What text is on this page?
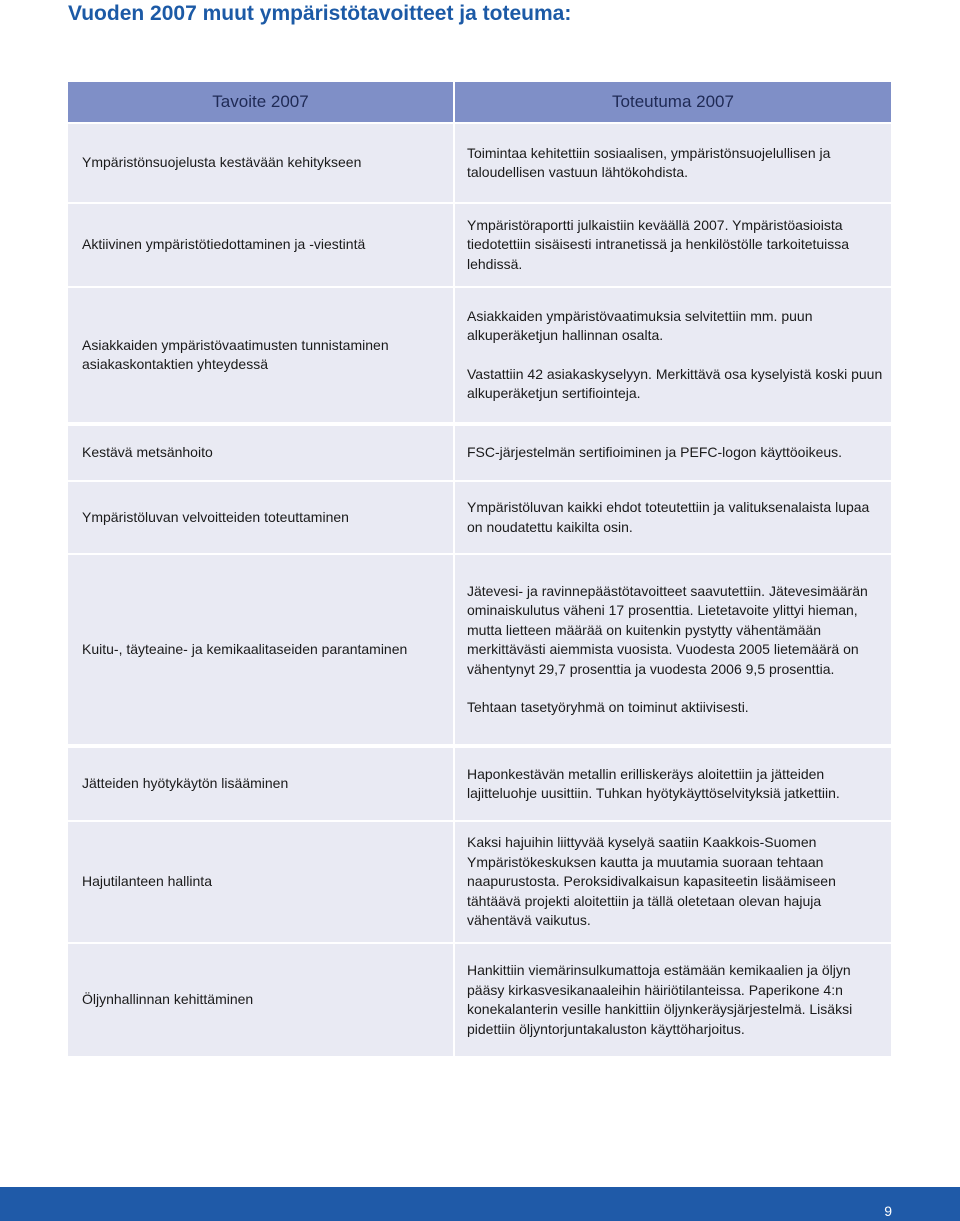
Vuoden 2007 muut ympäristötavoitteet ja toteuma:
Tavoite 2007	Toteutuma 2007
Ympäristönsuojelusta kestävään kehitykseen

Toimintaa kehitettiin sosiaalisen, ympäristönsuojelullisen ja taloudellisen vastuun lähtökohdista.

Aktiivinen ympäristötiedottaminen ja -viestintä

Ympäristöraportti julkaistiin keväällä 2007. Ympäristöasioista tiedotettiin sisäisesti intranetissä ja henkilöstölle tarkoitetuissa lehdissä.

Asiakkaiden ympäristövaatimusten tunnistaminen asiakaskontaktien yhteydessä

Asiakkaiden ympäristövaatimuksia selvitettiin mm. puun alkuperäketjun hallinnan osalta.

Vastattiin 42 asiakaskyselyyn. Merkittävä osa kyselyistä koski puun alkuperäketjun sertifiointeja.

Kestävä metsänhoito	FSC-järjestelmän sertifioiminen ja PEFC-logon käyttöoikeus.

Ympäristöluvan velvoitteiden toteuttaminen

Ympäristöluvan kaikki ehdot toteutettiin ja valituksenalaista lupaa on noudatettu kaikilta osin.

Kuitu-, täyteaine- ja kemikaalitaseiden parantaminen

Jätevesi- ja ravinnepäästötavoitteet saavutettiin. Jätevesimäärän ominaiskulutus väheni 17 prosenttia. Lietetavoite ylittyi hieman, mutta lietteen määrää on kuitenkin pystytty vähentämään merkittävästi aiemmista vuosista. Vuodesta 2005 lietemäärä on vähentynyt 29,7 prosenttia ja vuodesta 2006 9,5 prosenttia.

Tehtaan tasetyöryhmä on toiminut aktiivisesti.

Jätteiden hyötykäytön lisääminen

Haponkestävän metallin erilliskeräys aloitettiin ja jätteiden lajitteluohje uusittiin. Tuhkan hyötykäyttöselvityksiä jatkettiin.

Hajutilanteen hallinta

Kaksi hajuihin liittyvää kyselyä saatiin Kaakkois-Suomen Ympäristökeskuksen kautta ja muutamia suoraan tehtaan naapurustosta. Peroksidivalkaisun kapasiteetin lisäämiseen tähtäävä projekti aloitettiin ja tällä oletetaan olevan hajuja vähentävä vaikutus.

Öljynhallinnan kehittäminen

Hankittiin viemärinsulkumattoja estämään kemikaalien ja öljyn pääsy kirkasvesikanaaleihin häiriötilanteissa. Paperikone 4:n konekalanterin vesille hankittiin öljynkeräysjärjestelmä. Lisäksi pidettiin öljyntorjuntakaluston käyttöharjoitus.

9
